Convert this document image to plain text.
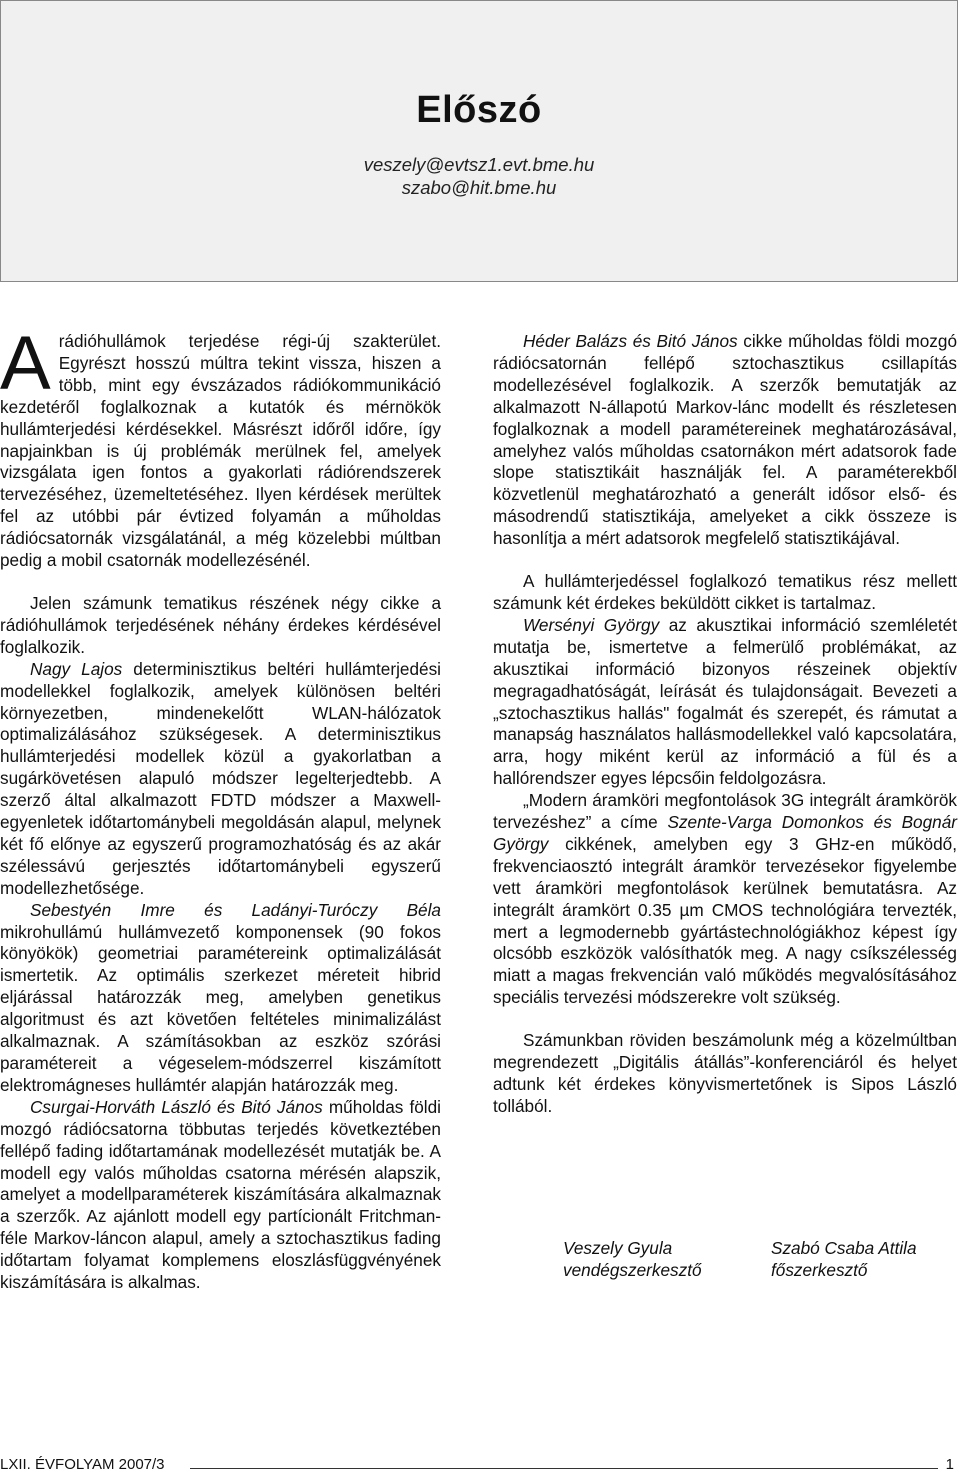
Előszó
veszely@evtsz1.evt.bme.hu
szabo@hit.bme.hu

Arádióhullámok terjedése régi-új szakterület. Egyrészt hosszú múltra tekint vissza, hiszen a több, mint egy évszázados rádiókommunikáció kezdetéről foglalkoznak a kutatók és mérnökök hullámterjedési kérdésekkel. Másrészt időről időre, így napjainkban is új problémák merülnek fel, amelyek vizsgálata igen fontos a gyakorlati rádiórendszerek tervezéséhez, üzemeltetéséhez. Ilyen kérdések merültek fel az utóbbi pár évtized folyamán a műholdas rádiócsatornák vizsgálatánál, a még közelebbi múltban pedig a mobil csatornák modellezésénél.

Jelen számunk tematikus részének négy cikke a rádióhullámok terjedésének néhány érdekes kérdésével foglalkozik.

Nagy Lajos determinisztikus beltéri hullámterjedési modellekkel foglalkozik, amelyek különösen beltéri környezetben, mindenekelőtt WLAN-hálózatok optimalizálásához szükségesek. A determinisztikus hullámterjedési modellek közül a gyakorlatban a sugárkövetésen alapuló módszer legelterjedtebb. A szerző által alkalmazott FDTD módszer a Maxwell-egyenletek időtartománybeli megoldásán alapul, melynek két fő előnye az egyszerű programozhatóság és az akár szélessávú gerjesztés időtartománybeli egyszerű modellezhetősége.

Sebestyén Imre és Ladányi-Turóczy Béla mikrohullámú hullámvezető komponensek (90 fokos könyökök) geometriai paramétereink optimalizálását ismertetik. Az optimális szerkezet méreteit hibrid eljárással határozzák meg, amelyben genetikus algoritmust és azt követően feltételes minimalizálást alkalmaznak. A számításokban az eszköz szórási paramétereit a végeselem-módszerrel kiszámított elektromágneses hullámtér alapján határozzák meg.

Csurgai-Horváth László és Bitó János műholdas földi mozgó rádiócsatorna többutas terjedés következtében fellépő fading időtartamának modellezését mutatják be. A modell egy valós műholdas csatorna mérésén alapszik, amelyet a modellparaméterek kiszámítására alkalmaznak a szerzők. Az ajánlott modell egy partícionált Fritchman-féle Markov-láncon alapul, amely a sztochasztikus fading időtartam folyamat komplemens eloszlásfüggvényének kiszámítására is alkalmas.

Héder Balázs és Bitó János cikke műholdas földi mozgó rádiócsatornán fellépő sztochasztikus csillapítás modellezésével foglalkozik. A szerzők bemutatják az alkalmazott N-állapotú Markov-lánc modellt és részletesen foglalkoznak a modell paramétereinek meghatározásával, amelyhez valós műholdas csatornákon mért adatsorok fade slope statisztikáit használják fel. A paraméterekből közvetlenül meghatározható a generált idősor első- és másodrendű statisztikája, amelyeket a cikk összeze is hasonlítja a mért adatsorok megfelelő statisztikájával.

A hullámterjedéssel foglalkozó tematikus rész mellett számunk két érdekes beküldött cikket is tartalmaz.

Wersényi György az akusztikai információ szemléletét mutatja be, ismertetve a felmerülő problémákat, az akusztikai információ bizonyos részeinek objektív megragadhatóságát, leírását és tulajdonságait. Bevezeti a „sztochasztikus hallás" fogalmát és szerepét, és rámutat a manapság használatos hallásmodellekkel való kapcsolatára, arra, hogy miként kerül az információ a fül és a hallórendszer egyes lépcsőin feldolgozásra.

„Modern áramköri megfontolások 3G integrált áramkörök tervezéshez” a címe Szente-Varga Domonkos és Bognár György cikkének, amelyben egy 3 GHz-en működő, frekvenciaosztó integrált áramkör tervezésekor figyelembe vett áramköri megfontolások kerülnek bemutatásra. Az integrált áramkört 0.35 µm CMOS technológiára tervezték, mert a legmodernebb gyártástechnológiákhoz képest így olcsóbb eszközök valósíthatók meg. A nagy csíkszélesség miatt a magas frekvencián való működés megvalósításához speciális tervezési módszerekre volt szükség.

Számunkban röviden beszámolunk még a közelmúltban megrendezett „Digitális átállás”-konferenciáról és helyet adtunk két érdekes könyvismertetőnek is Sipos László tollából.

Veszely Gyula
vendégszerkesztő
Szabó Csaba Attila
főszerkesztő
LXII. ÉVFOLYAM 2007/3	1
